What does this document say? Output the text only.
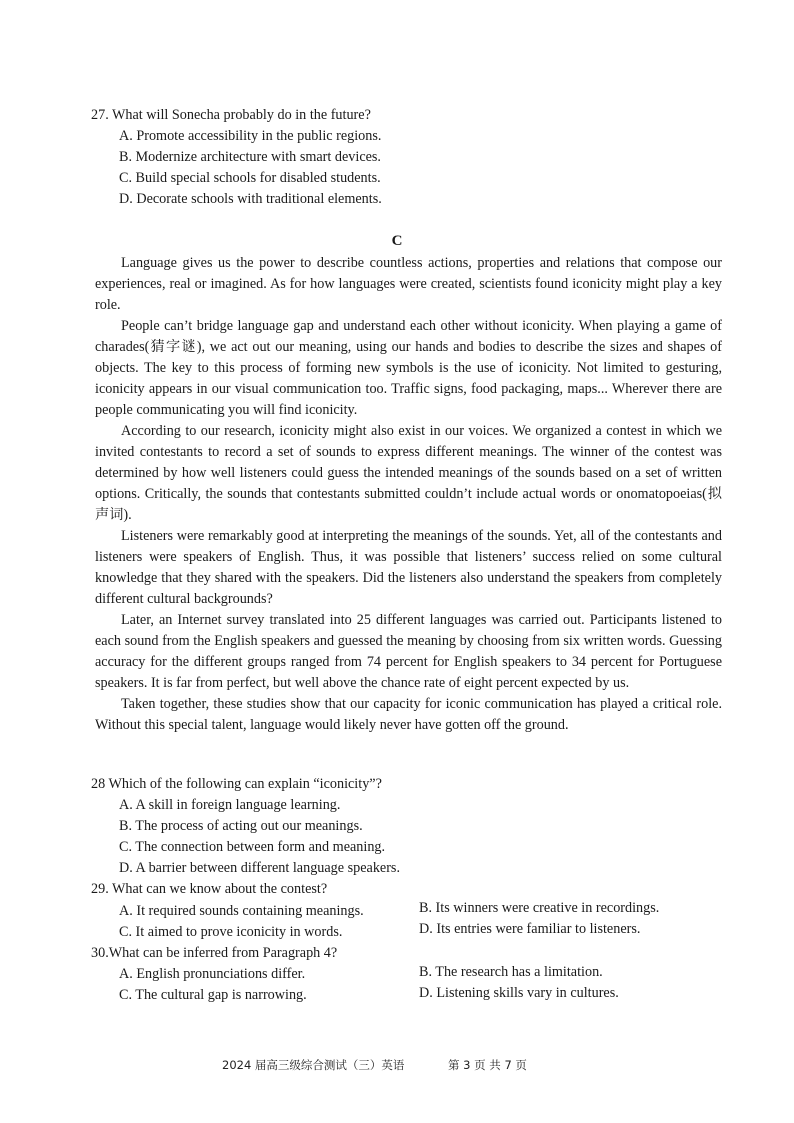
27. What will Sonecha probably do in the future?
A. Promote accessibility in the public regions.
B. Modernize architecture with smart devices.
C. Build special schools for disabled students.
D. Decorate schools with traditional elements.
C

Language gives us the power to describe countless actions, properties and relations that compose our experiences, real or imagined. As for how languages were created, scientists found iconicity might play a key role.

People can’t bridge language gap and understand each other without iconicity. When playing a game of charades(猜字谜), we act out our meaning, using our hands and bodies to describe the sizes and shapes of objects. The key to this process of forming new symbols is the use of iconicity. Not limited to gesturing, iconicity appears in our visual communication too. Traffic signs, food packaging, maps... Wherever there are people communicating you will find iconicity.

According to our research, iconicity might also exist in our voices. We organized a contest in which we invited contestants to record a set of sounds to express different meanings. The winner of the contest was determined by how well listeners could guess the intended meanings of the sounds based on a set of written options. Critically, the sounds that contestants submitted couldn’t include actual words or onomatopoeias(拟声词).

Listeners were remarkably good at interpreting the meanings of the sounds. Yet, all of the contestants and listeners were speakers of English. Thus, it was possible that listeners’ success relied on some cultural knowledge that they shared with the speakers. Did the listeners also understand the speakers from completely different cultural backgrounds?

Later, an Internet survey translated into 25 different languages was carried out. Participants listened to each sound from the English speakers and guessed the meaning by choosing from six written words. Guessing accuracy for the different groups ranged from 74 percent for English speakers to 34 percent for Portuguese speakers. It is far from perfect, but well above the chance rate of eight percent expected by us.

Taken together, these studies show that our capacity for iconic communication has played a critical role. Without this special talent, language would likely never have gotten off the ground.

28 Which of the following can explain “iconicity”?
A. A skill in foreign language learning.
B. The process of acting out our meanings.
C. The connection between form and meaning.
D. A barrier between different language speakers.
29. What can we know about the contest?
A. It required sounds containing meanings.	B. Its winners were creative in recordings.
C. It aimed to prove iconicity in words.	D. Its entries were familiar to listeners.
30.What can be inferred from Paragraph 4?
A. English pronunciations differ.	B. The research has a limitation.
C. The cultural gap is narrowing.	D. Listening skills vary in cultures.
2024 届高三级综合测试（三）英语	第 3 页 共 7 页
